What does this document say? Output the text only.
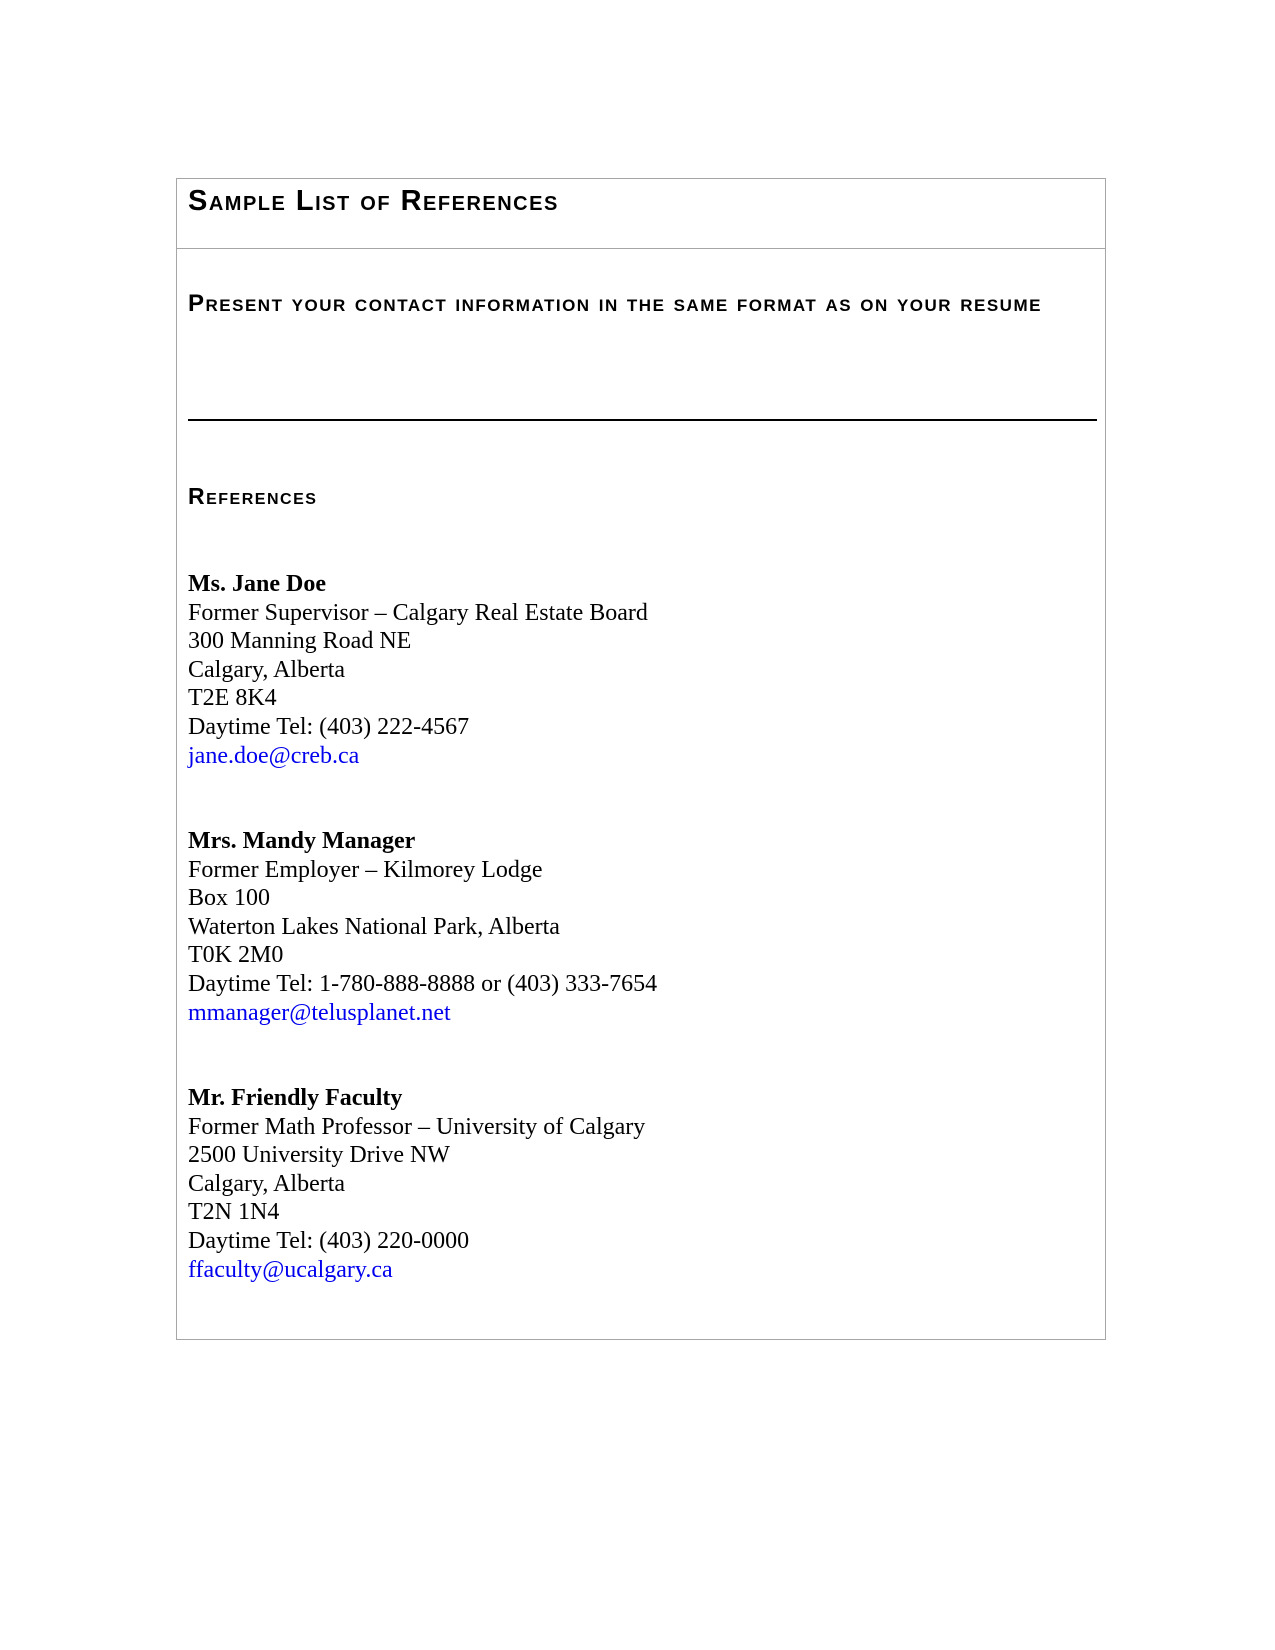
Sample List of References
Present your contact information in the same format as on your resume
References
Ms. Jane Doe
Former Supervisor – Calgary Real Estate Board
300 Manning Road NE
Calgary, Alberta
T2E 8K4
Daytime Tel: (403) 222-4567
jane.doe@creb.ca
Mrs. Mandy Manager
Former Employer – Kilmorey Lodge
Box 100
Waterton Lakes National Park, Alberta
T0K 2M0
Daytime Tel: 1-780-888-8888 or (403) 333-7654
mmanager@telusplanet.net
Mr. Friendly Faculty
Former Math Professor – University of Calgary
2500 University Drive NW
Calgary, Alberta
T2N 1N4
Daytime Tel: (403) 220-0000
ffaculty@ucalgary.ca
